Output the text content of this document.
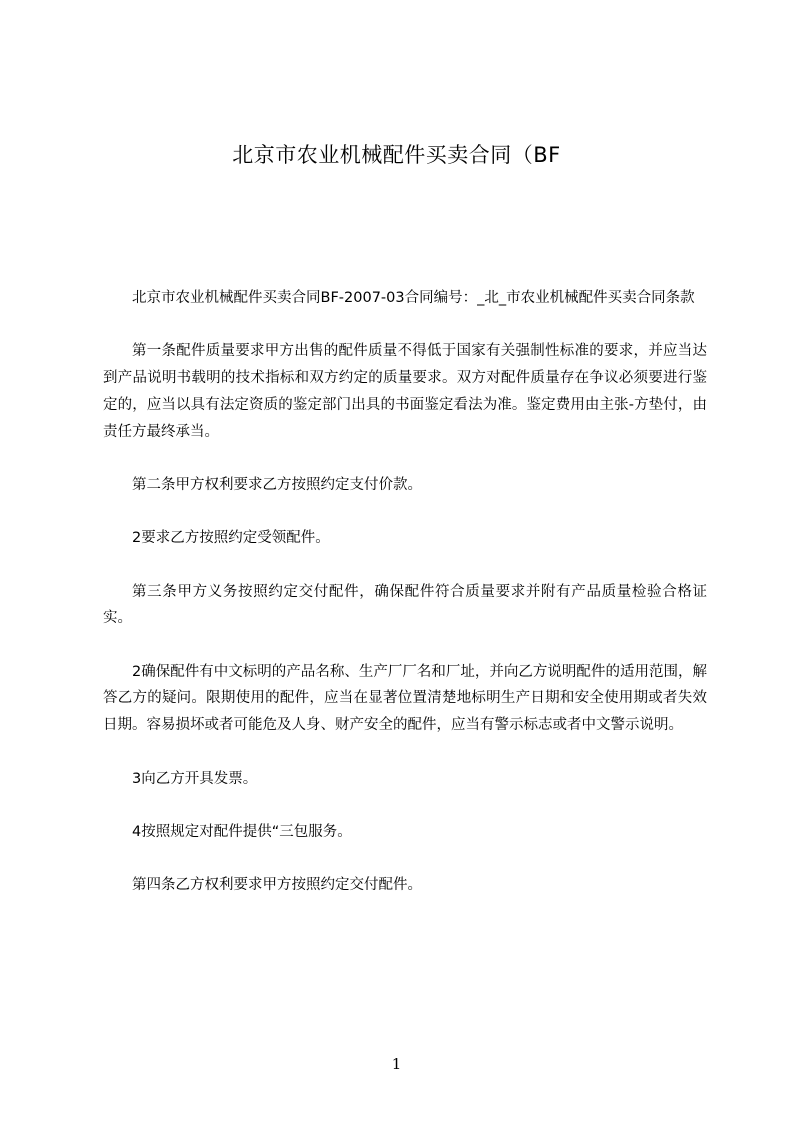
北京市农业机械配件买卖合同（BF

北京市农业机械配件买卖合同BF-2007-03合同编号：_北_市农业机械配件买卖合同条款

第一条配件质量要求甲方出售的配件质量不得低于国家有关强制性标准的要求，并应当达到产品说明书载明的技术指标和双方约定的质量要求。双方对配件质量存在争议必须要进行鉴定的，应当以具有法定资质的鉴定部门出具的书面鉴定看法为准。鉴定费用由主张-方垫付，由责任方最终承当。

第二条甲方权利要求乙方按照约定支付价款。

2要求乙方按照约定受领配件。

第三条甲方义务按照约定交付配件，确保配件符合质量要求并附有产品质量检验合格证实。

2确保配件有中文标明的产品名称、生产厂厂名和厂址，并向乙方说明配件的适用范围，解答乙方的疑问。限期使用的配件，应当在显著位置清楚地标明生产日期和安全使用期或者失效日期。容易损坏或者可能危及人身、财产安全的配件，应当有警示标志或者中文警示说明。

3向乙方开具发票。

4按照规定对配件提供“三包服务。

第四条乙方权利要求甲方按照约定交付配件。

1
